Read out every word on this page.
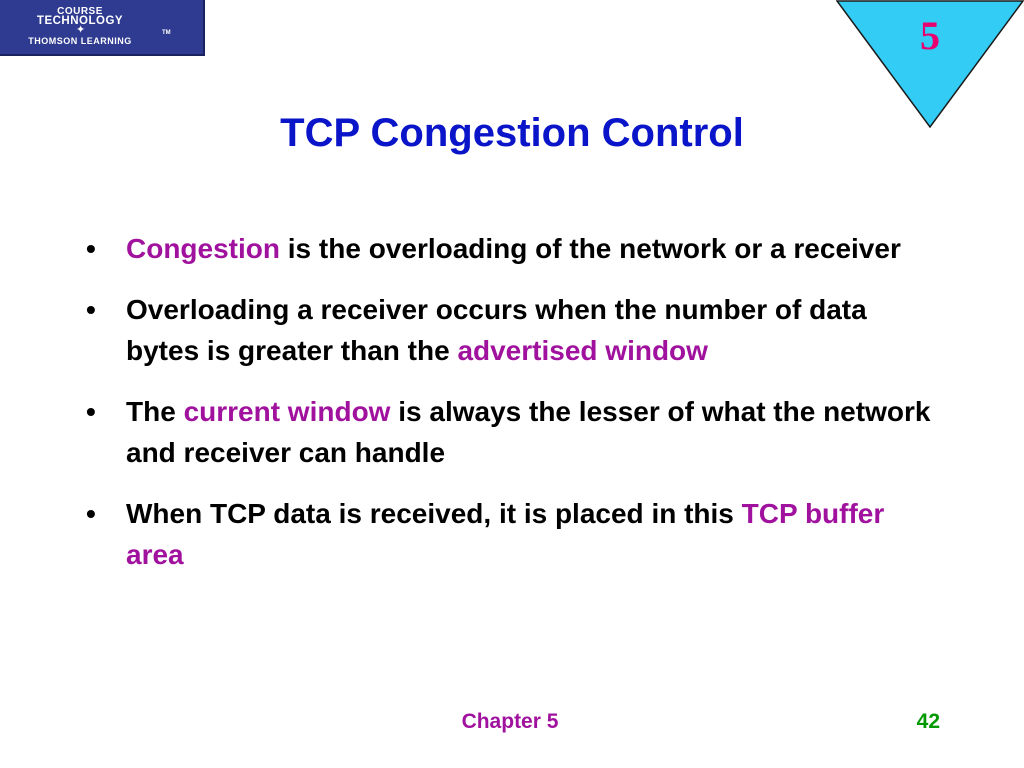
COURSE
TECHNOLOGY
✦
THOMSON LEARNING
TM	5
TCP Congestion Control
•	Congestion is the overloading of the network or a receiver
•	Overloading a receiver occurs when the number of data bytes is greater than the advertised window
•	The current window is always the lesser of what the network and receiver can handle
•	When TCP data is received, it is placed in this TCP buffer area
Chapter 5	42
